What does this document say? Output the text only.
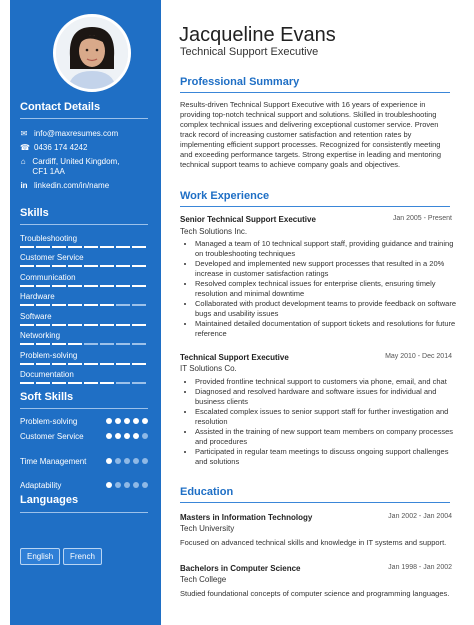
Contact Details
✉ info@maxresumes.com
☎ 0436 174 4242
⌂ Cardiff, United Kingdom, CF1 1AA
in linkedin.com/in/name
Skills
Troubleshooting
Customer Service
Communication
Hardware
Software
Networking
Problem-solving
Documentation
Soft Skills
Problem-solving
Customer Service
Time Management
Adaptability
Languages
English	French
Jacqueline Evans
Technical Support Executive
Professional Summary
Results-driven Technical Support Executive with 16 years of experience in providing top-notch technical support and solutions. Skilled in troubleshooting complex technical issues and delivering exceptional customer service. Proven track record of increasing customer satisfaction and retention rates by implementing efficient support processes. Recognized for consistently meeting and exceeding performance targets. Strong expertise in leading and mentoring technical support teams to achieve company goals and objectives.
Work Experience
Senior Technical Support Executive	Jan 2005 - Present
Tech Solutions Inc.
• Managed a team of 10 technical support staff, providing guidance and training on troubleshooting techniques
• Developed and implemented new support processes that resulted in a 20% increase in customer satisfaction ratings
• Resolved complex technical issues for enterprise clients, ensuring timely resolution and minimal downtime
• Collaborated with product development teams to provide feedback on software bugs and usability issues
• Maintained detailed documentation of support tickets and resolutions for future reference
Technical Support Executive	May 2010 - Dec 2014
IT Solutions Co.
• Provided frontline technical support to customers via phone, email, and chat
• Diagnosed and resolved hardware and software issues for individual and business clients
• Escalated complex issues to senior support staff for further investigation and resolution
• Assisted in the training of new support team members on company processes and procedures
• Participated in regular team meetings to discuss ongoing support challenges and solutions
Education
Masters in Information Technology	Jan 2002 - Jan 2004
Tech University
Focused on advanced technical skills and knowledge in IT systems and support.
Bachelors in Computer Science	Jan 1998 - Jan 2002
Tech College
Studied foundational concepts of computer science and programming languages.
